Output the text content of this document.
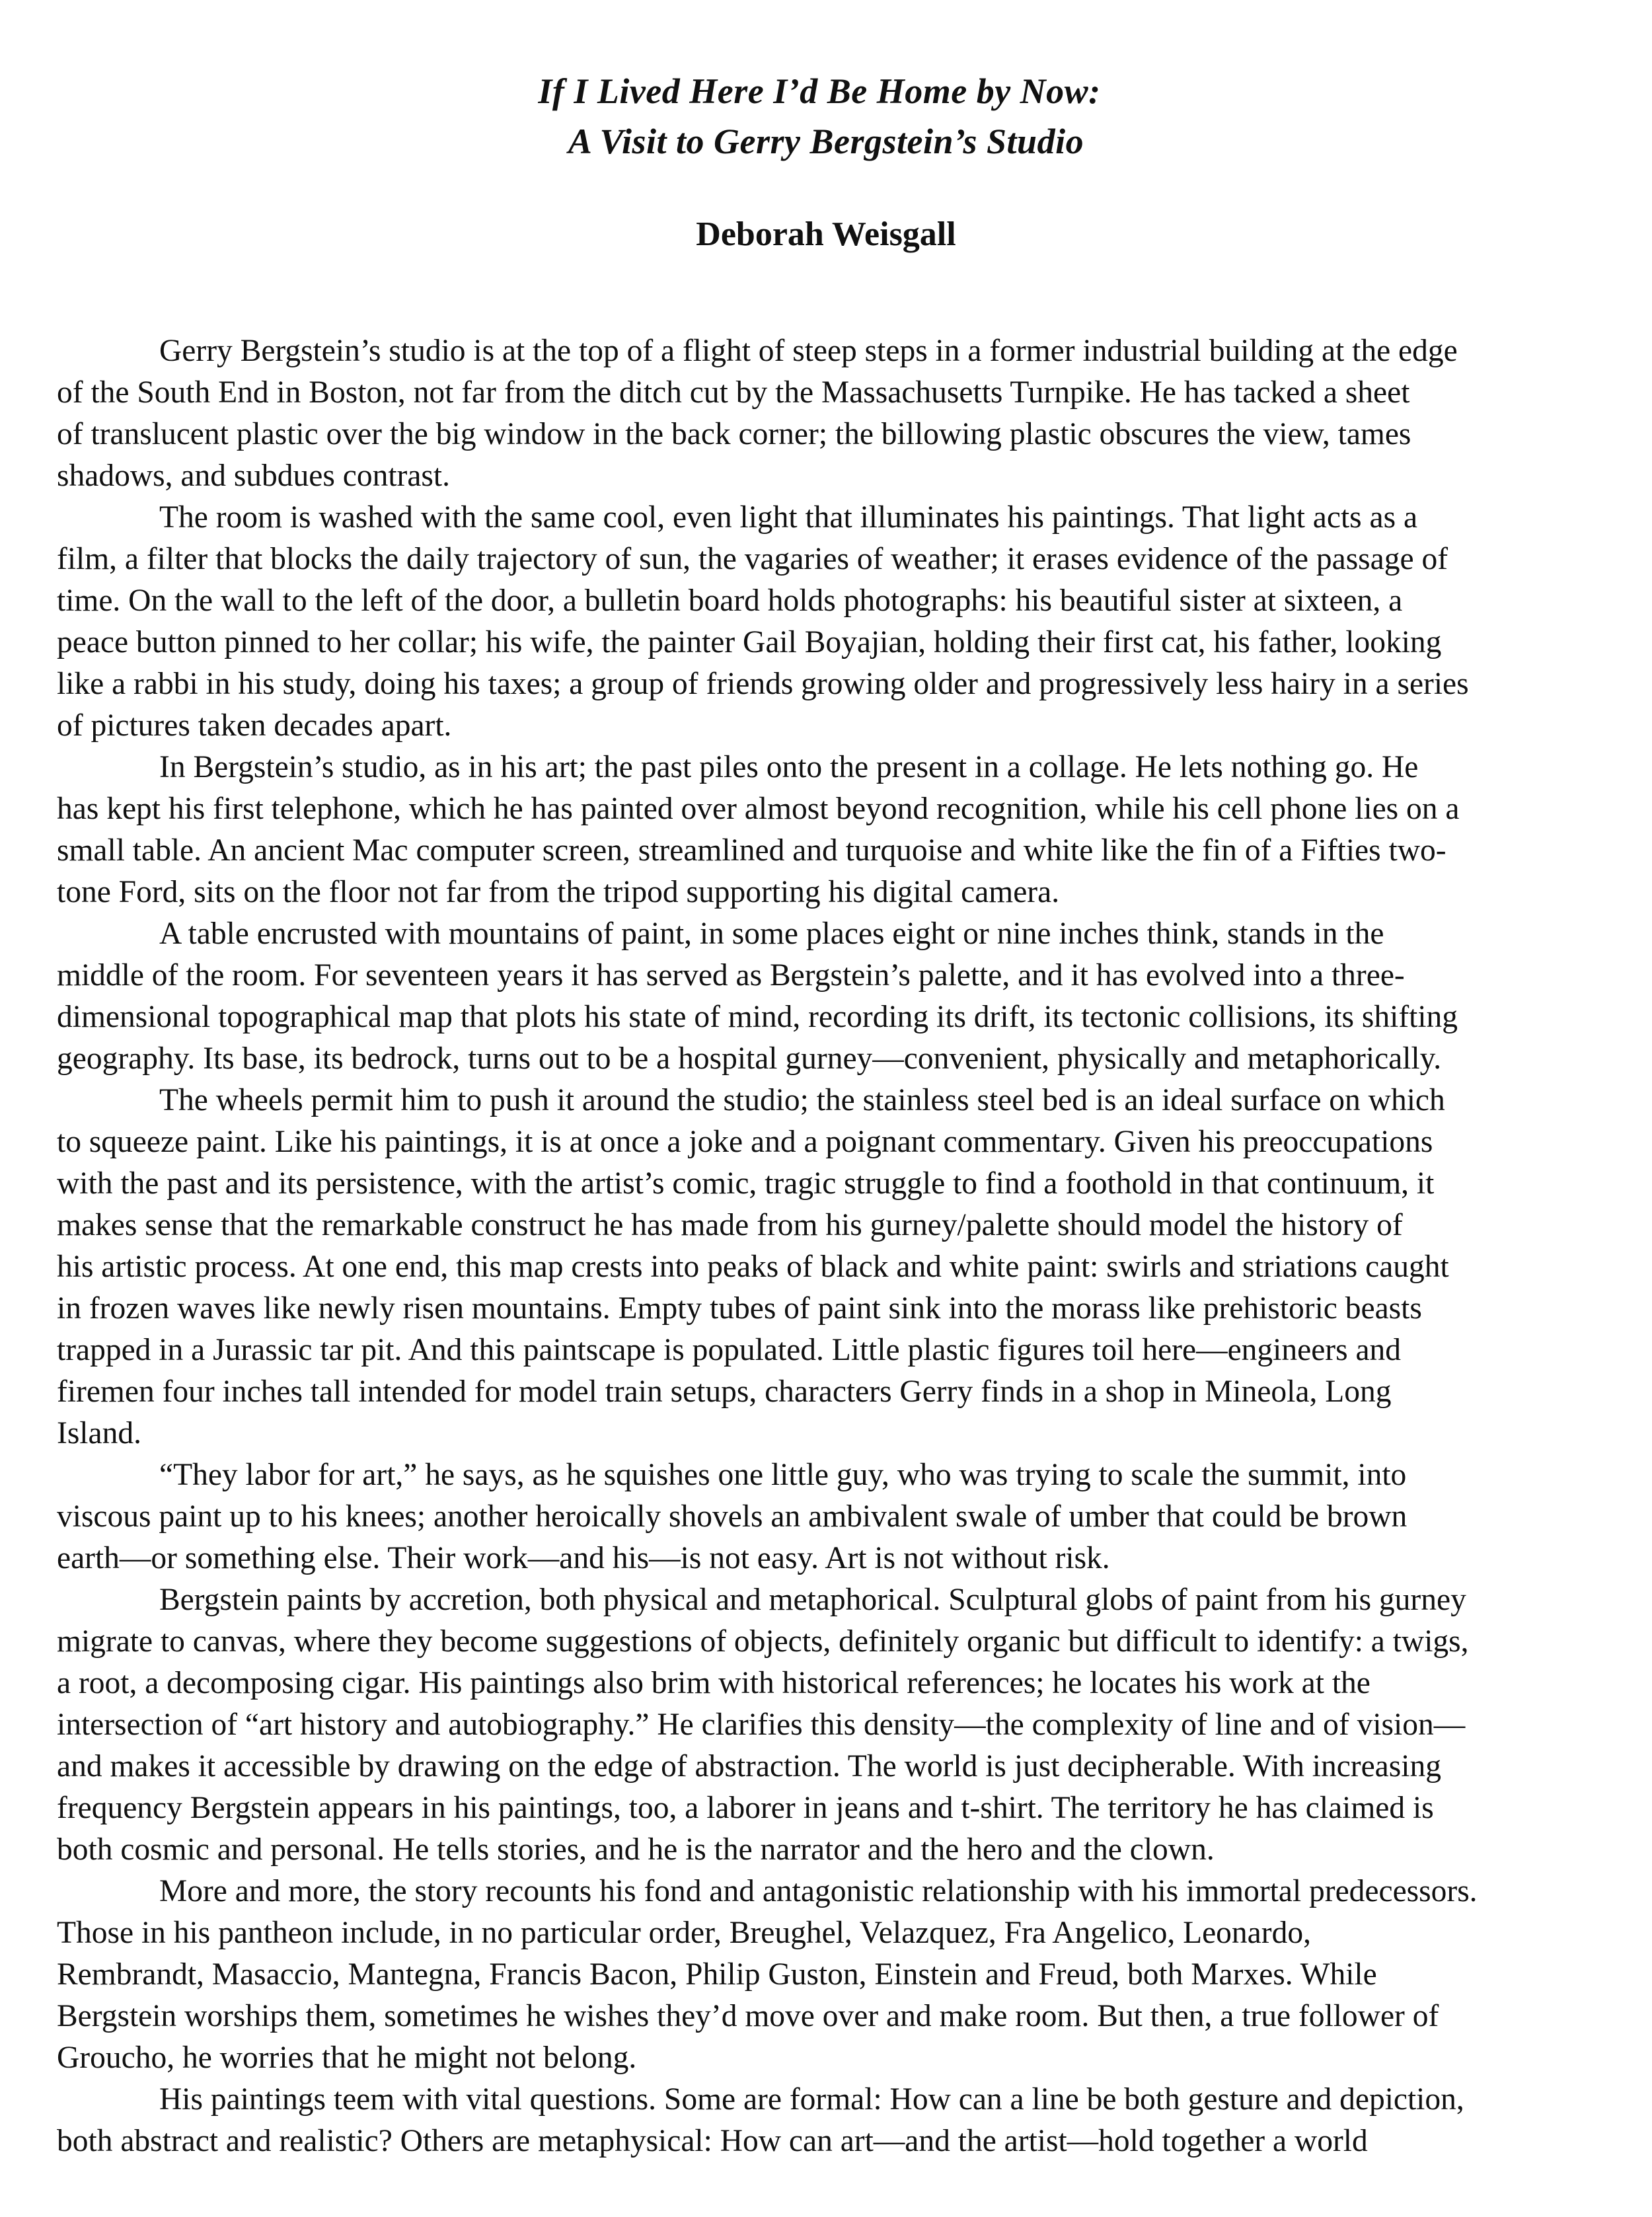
If I Lived Here I’d Be Home by Now:
A Visit to Gerry Bergstein’s Studio
Deborah Weisgall

Gerry Bergstein’s studio is at the top of a flight of steep steps in a former industrial building at the edge
of the South End in Boston, not far from the ditch cut by the Massachusetts Turnpike. He has tacked a sheet
of translucent plastic over the big window in the back corner; the billowing plastic obscures the view, tames
shadows, and subdues contrast.

The room is washed with the same cool, even light that illuminates his paintings. That light acts as a
film, a filter that blocks the daily trajectory of sun, the vagaries of weather; it erases evidence of the passage of
time. On the wall to the left of the door, a bulletin board holds photographs: his beautiful sister at sixteen, a
peace button pinned to her collar; his wife, the painter Gail Boyajian, holding their first cat, his father, looking
like a rabbi in his study, doing his taxes; a group of friends growing older and progressively less hairy in a series
of pictures taken decades apart.

In Bergstein’s studio, as in his art; the past piles onto the present in a collage. He lets nothing go. He
has kept his first telephone, which he has painted over almost beyond recognition, while his cell phone lies on a
small table. An ancient Mac computer screen, streamlined and turquoise and white like the fin of a Fifties two-
tone Ford, sits on the floor not far from the tripod supporting his digital camera.

A table encrusted with mountains of paint, in some places eight or nine inches think, stands in the
middle of the room. For seventeen years it has served as Bergstein’s palette, and it has evolved into a three-
dimensional topographical map that plots his state of mind, recording its drift, its tectonic collisions, its shifting
geography. Its base, its bedrock, turns out to be a hospital gurney—convenient, physically and metaphorically.

The wheels permit him to push it around the studio; the stainless steel bed is an ideal surface on which
to squeeze paint. Like his paintings, it is at once a joke and a poignant commentary. Given his preoccupations
with the past and its persistence, with the artist’s comic, tragic struggle to find a foothold in that continuum, it
makes sense that the remarkable construct he has made from his gurney/palette should model the history of
his artistic process. At one end, this map crests into peaks of black and white paint: swirls and striations caught
in frozen waves like newly risen mountains. Empty tubes of paint sink into the morass like prehistoric beasts
trapped in a Jurassic tar pit. And this paintscape is populated. Little plastic figures toil here—engineers and
firemen four inches tall intended for model train setups, characters Gerry finds in a shop in Mineola, Long
Island.

“They labor for art,” he says, as he squishes one little guy, who was trying to scale the summit, into
viscous paint up to his knees; another heroically shovels an ambivalent swale of umber that could be brown
earth—or something else. Their work—and his—is not easy. Art is not without risk.

Bergstein paints by accretion, both physical and metaphorical. Sculptural globs of paint from his gurney
migrate to canvas, where they become suggestions of objects, definitely organic but difficult to identify: a twigs,
a root, a decomposing cigar. His paintings also brim with historical references; he locates his work at the
intersection of “art history and autobiography.” He clarifies this density—the complexity of line and of vision—
and makes it accessible by drawing on the edge of abstraction. The world is just decipherable. With increasing
frequency Bergstein appears in his paintings, too, a laborer in jeans and t-shirt. The territory he has claimed is
both cosmic and personal. He tells stories, and he is the narrator and the hero and the clown.

More and more, the story recounts his fond and antagonistic relationship with his immortal predecessors.
Those in his pantheon include, in no particular order, Breughel, Velazquez, Fra Angelico, Leonardo,
Rembrandt, Masaccio, Mantegna, Francis Bacon, Philip Guston, Einstein and Freud, both Marxes. While
Bergstein worships them, sometimes he wishes they’d move over and make room. But then, a true follower of
Groucho, he worries that he might not belong.

His paintings teem with vital questions. Some are formal: How can a line be both gesture and depiction,
both abstract and realistic? Others are metaphysical: How can art—and the artist—hold together a world
